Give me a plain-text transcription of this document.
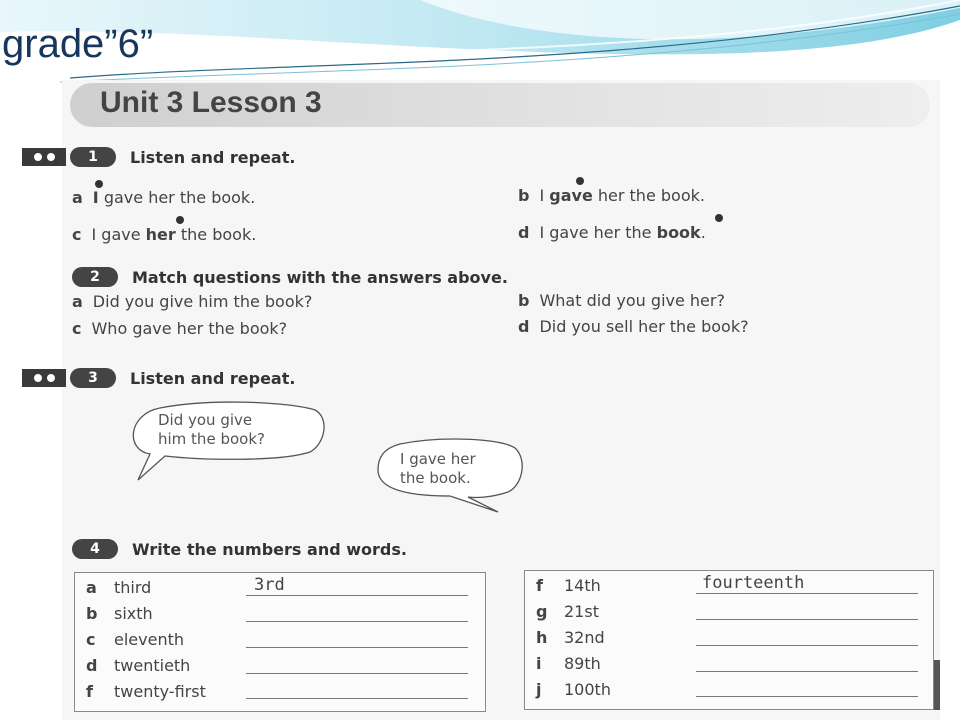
grade”6”
Unit 3 Lesson 3
1	Listen and repeat.
a I gave her the book.	b I gave her the book.
c I gave her the book.	d I gave her the book.
2	Match questions with the answers above.
a Did you give him the book?	b What did you give her?
c Who gave her the book?	d Did you sell her the book?
3	Listen and repeat.
Did you give
him the book?
I gave her
the book.
4	Write the numbers and words.
a third	3rd
b sixth
c eleventh
d twentieth
f twenty-first
f 14th	fourteenth
g 21st
h 32nd
i 89th
j 100th
